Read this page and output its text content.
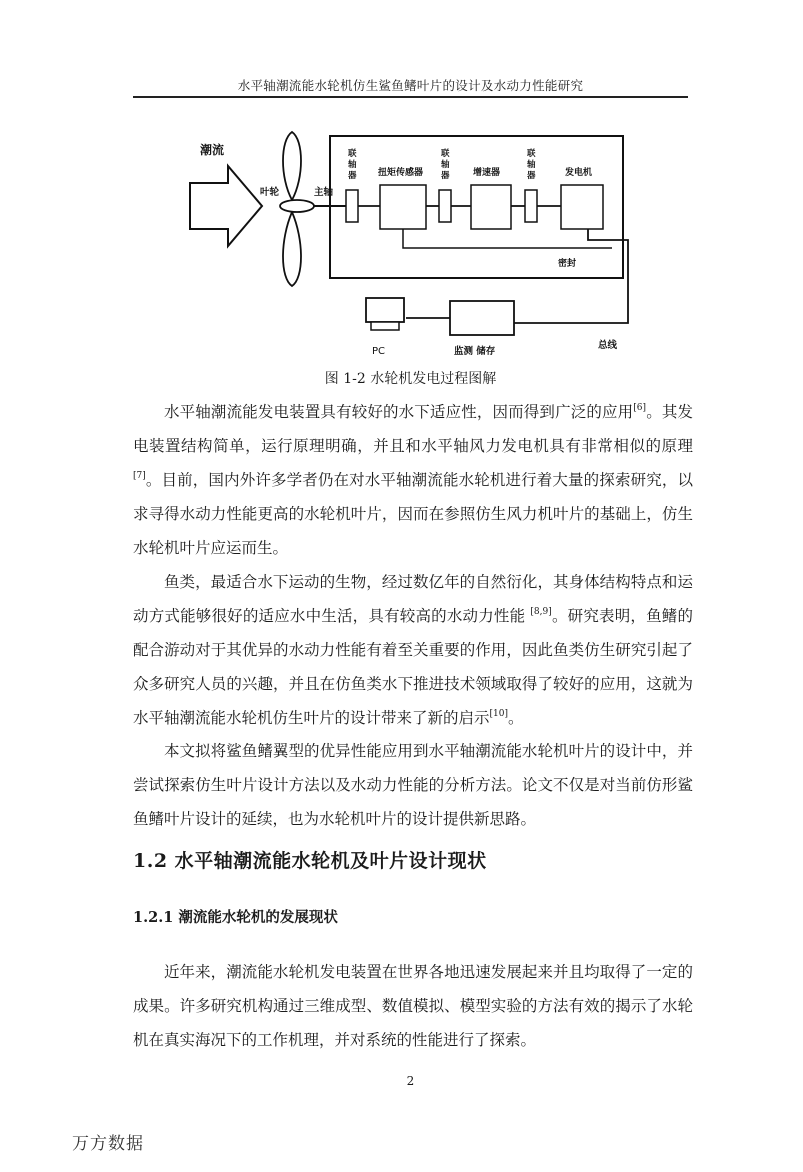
水平轴潮流能水轮机仿生鲨鱼鳍叶片的设计及水动力性能研究
潮流
叶轮	主轴
联轴器 扭矩传感器
联轴器	增速器
联轴器	发电机
密封
PC	监测 储存
总线
图 1-2 水轮机发电过程图解

水平轴潮流能发电装置具有较好的水下适应性，因而得到广泛的应用[6]。其发电装置结构简单，运行原理明确，并且和水平轴风力发电机具有非常相似的原理[7]。目前，国内外许多学者仍在对水平轴潮流能水轮机进行着大量的探索研究，以求寻得水动力性能更高的水轮机叶片，因而在参照仿生风力机叶片的基础上，仿生水轮机叶片应运而生。

鱼类，最适合水下运动的生物，经过数亿年的自然衍化，其身体结构特点和运动方式能够很好的适应水中生活，具有较高的水动力性能 [8,9]。研究表明，鱼鳍的配合游动对于其优异的水动力性能有着至关重要的作用，因此鱼类仿生研究引起了众多研究人员的兴趣，并且在仿鱼类水下推进技术领域取得了较好的应用，这就为水平轴潮流能水轮机仿生叶片的设计带来了新的启示[10]。

本文拟将鲨鱼鳍翼型的优异性能应用到水平轴潮流能水轮机叶片的设计中，并尝试探索仿生叶片设计方法以及水动力性能的分析方法。论文不仅是对当前仿形鲨鱼鳍叶片设计的延续，也为水轮机叶片的设计提供新思路。

1.2 水平轴潮流能水轮机及叶片设计现状
1.2.1 潮流能水轮机的发展现状

近年来，潮流能水轮机发电装置在世界各地迅速发展起来并且均取得了一定的成果。许多研究机构通过三维成型、数值模拟、模型实验的方法有效的揭示了水轮机在真实海况下的工作机理，并对系统的性能进行了探索。

2
万方数据
